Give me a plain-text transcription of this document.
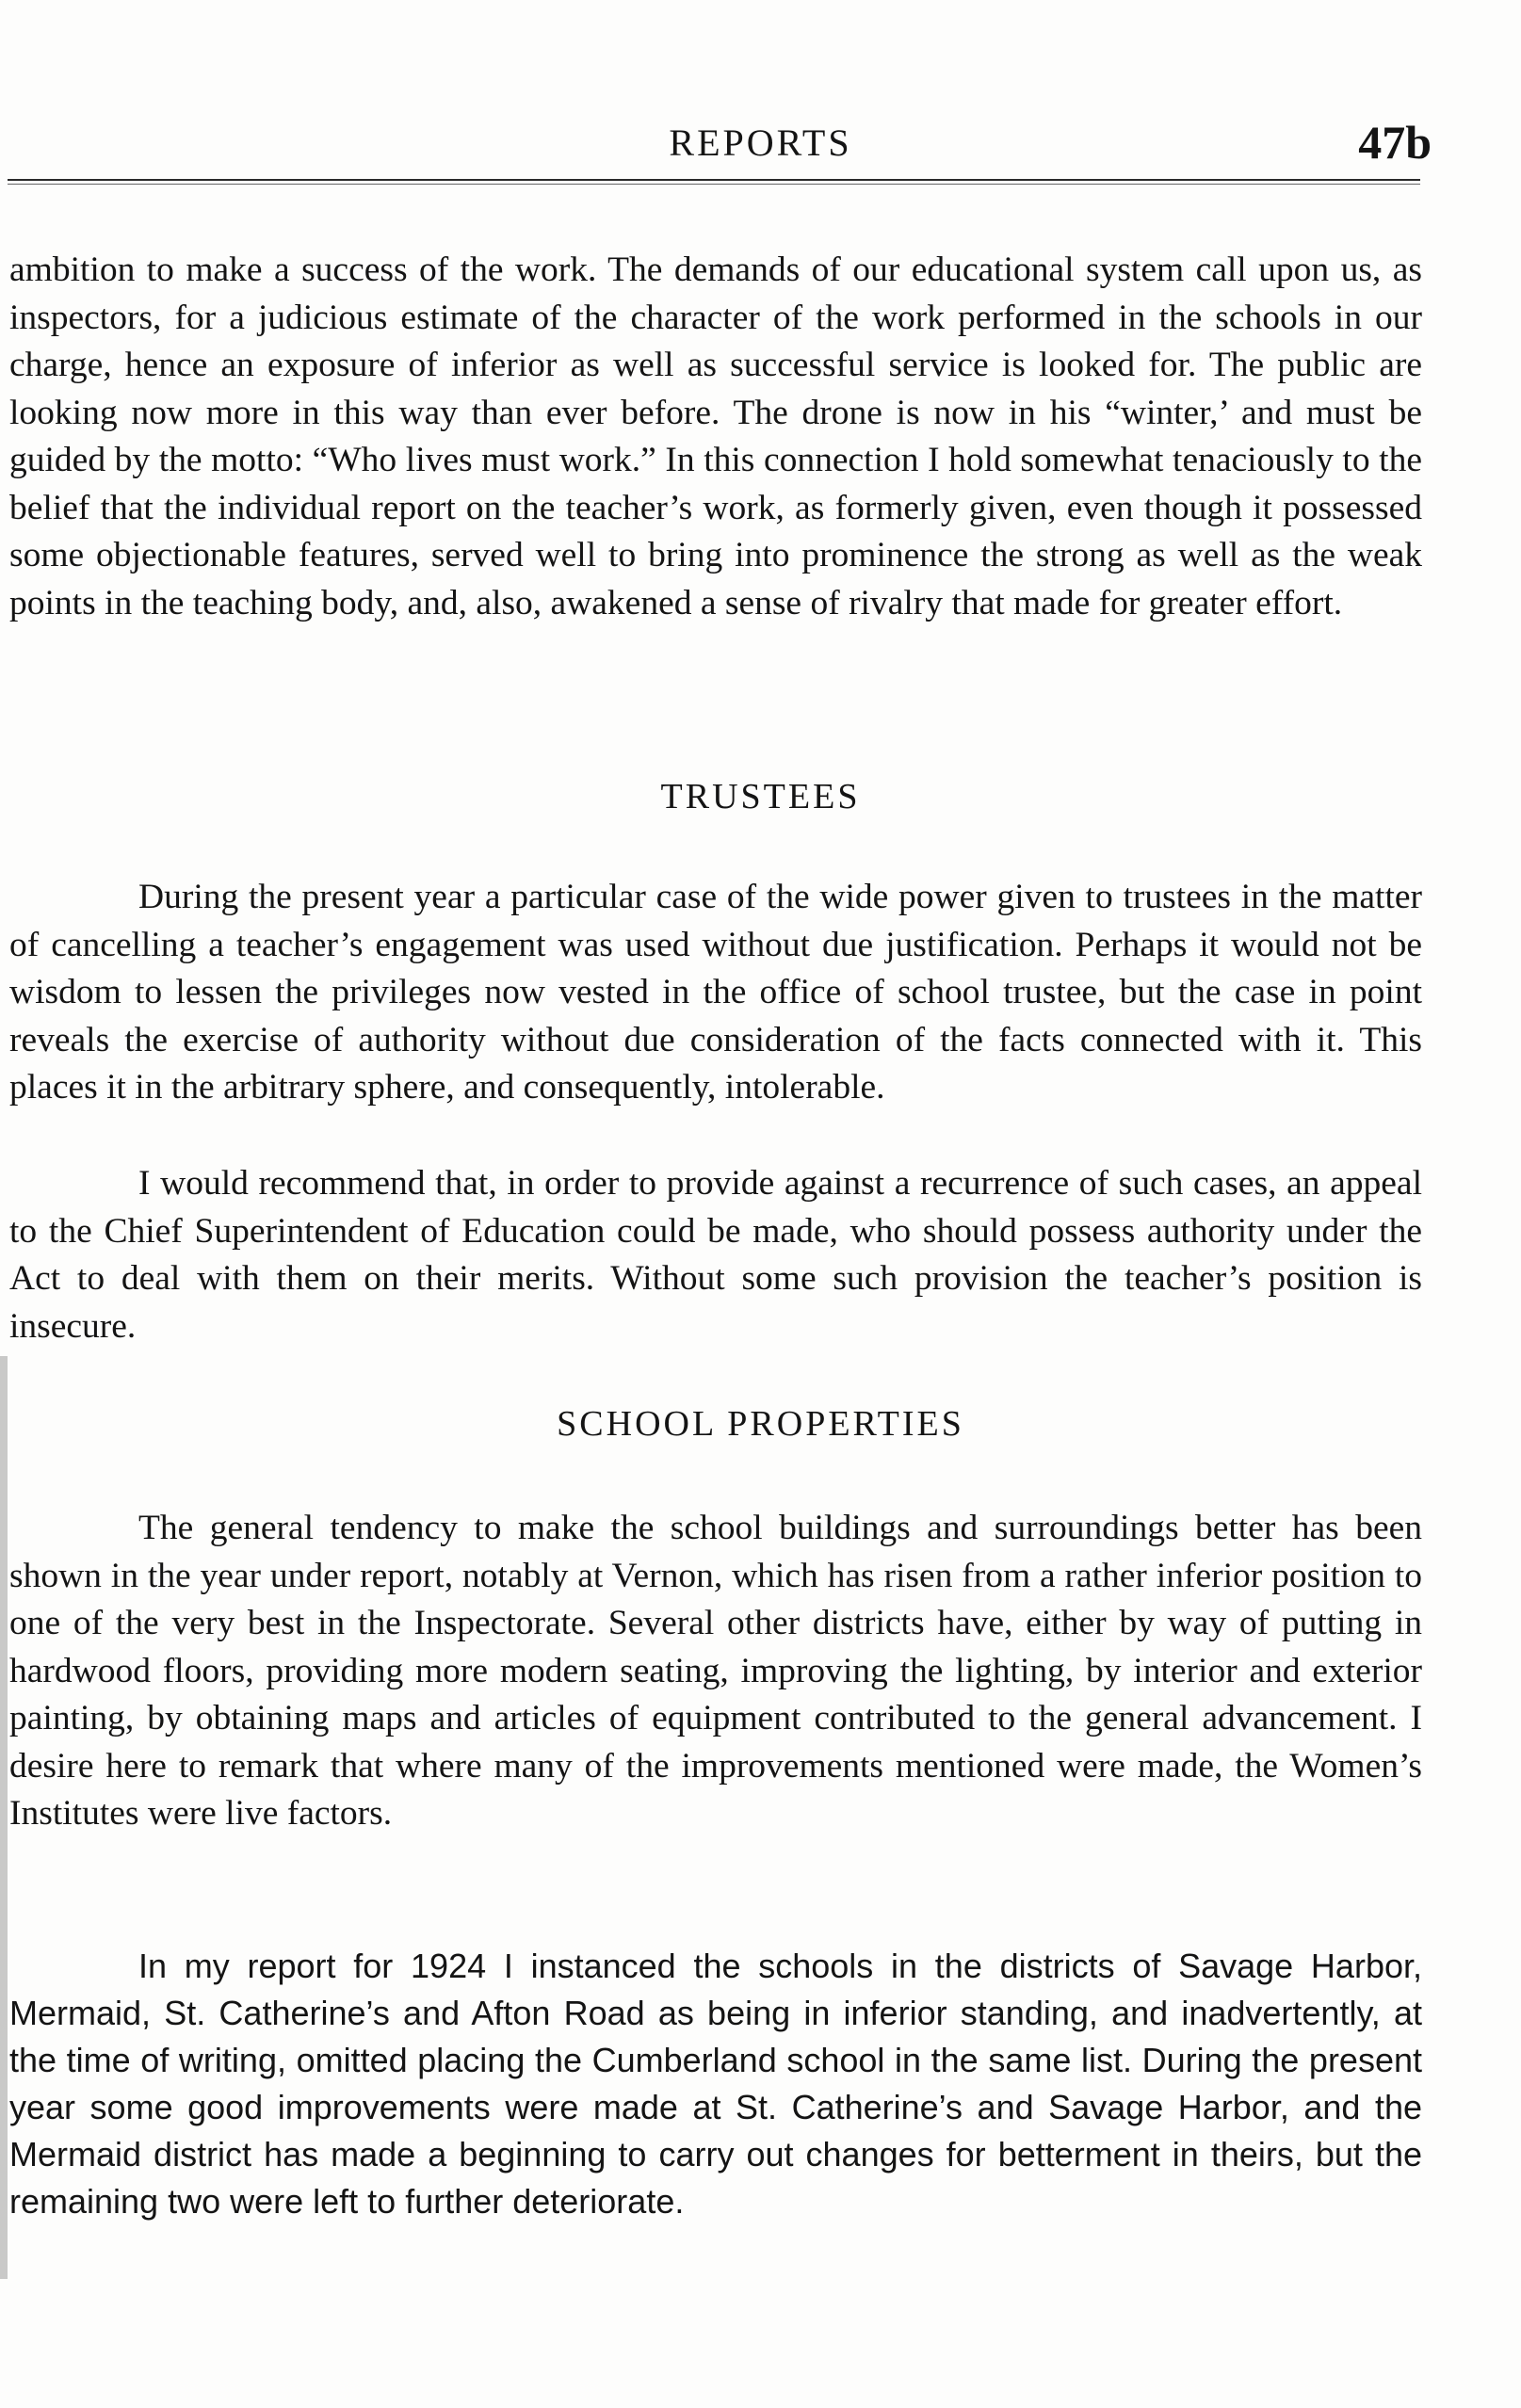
REPORTS	47b

ambition to make a success of the work. The demands of our educational system call upon us, as inspectors, for a judicious estimate of the character of the work performed in the schools in our charge, hence an exposure of inferior as well as successful service is looked for. The public are looking now more in this way than ever before. The drone is now in his “winter,’ and must be guided by the motto: “Who lives must work.” In this connection I hold somewhat tenaciously to the belief that the individual report on the teacher’s work, as formerly given, even though it possessed some objectionable features, served well to bring into prominence the strong as well as the weak points in the teaching body, and, also, awakened a sense of rivalry that made for greater effort.

TRUSTEES

During the present year a particular case of the wide power given to trustees in the matter of cancelling a teacher’s engagement was used without due justification. Perhaps it would not be wisdom to lessen the privileges now vested in the office of school trustee, but the case in point reveals the exercise of authority without due consideration of the facts connected with it. This places it in the arbitrary sphere, and consequently, intolerable.

I would recommend that, in order to provide against a recurrence of such cases, an appeal to the Chief Superintendent of Education could be made, who should possess authority under the Act to deal with them on their merits. Without some such provision the teacher’s position is insecure.

SCHOOL PROPERTIES

The general tendency to make the school buildings and surroundings better has been shown in the year under report, notably at Vernon, which has risen from a rather inferior position to one of the very best in the Inspectorate. Several other districts have, either by way of putting in hardwood floors, providing more modern seating, improving the lighting, by interior and exterior painting, by obtaining maps and articles of equipment contributed to the general advancement. I desire here to remark that where many of the improvements mentioned were made, the Women’s Institutes were live factors.

In my report for 1924 I instanced the schools in the districts of Savage Harbor, Mermaid, St. Catherine’s and Afton Road as being in inferior standing, and inadvertently, at the time of writing, omitted placing the Cumberland school in the same list. During the present year some good improvements were made at St. Catherine’s and Savage Harbor, and the Mermaid district has made a beginning to carry out changes for betterment in theirs, but the remaining two were left to further deteriorate.
